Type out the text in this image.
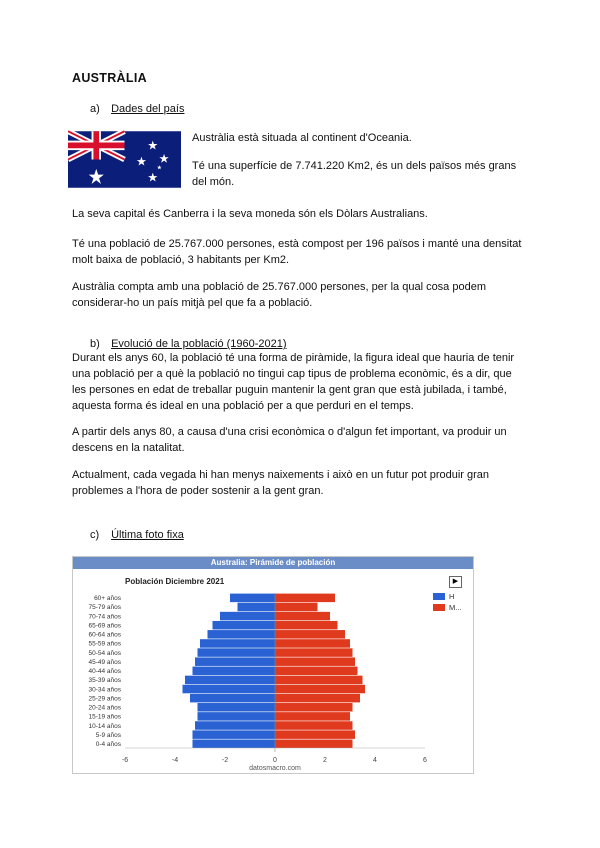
AUSTRÀLIA
a) Dades del país
Austràlia està situada al continent d'Oceania.
Té una superfície de 7.741.220 Km2, és un dels països més grans
del món.
La seva capital és Canberra i la seva moneda són els Dòlars Australians.
Té una població de 25.767.000 persones, està compost per 196 països i manté una densitat
molt baixa de població, 3 habitants per Km2.
Austràlia compta amb una població de 25.767.000 persones, per la qual cosa podem
considerar-ho un país mitjà pel que fa a població.
b) Evolució de la població (1960-2021)
Durant els anys 60, la població té una forma de piràmide, la figura ideal que hauria de tenir
una població per a què la població no tingui cap tipus de problema econòmic, és a dir, que
les persones en edat de treballar puguin mantenir la gent gran que està jubilada, i també,
aquesta forma és ideal en una població per a que perduri en el temps.
A partir dels anys 80, a causa d'una crisi econòmica o d'algun fet important, va produir un
descens en la natalitat.
Actualment, cada vegada hi han menys naixements i això en un futur pot produir gran
problemes a l'hora de poder sostenir a la gent gran.
c) Última foto fixa
Australia: Pirámide de población
Población Diciembre 2021	▶
60+ años
75-79 años
70-74 años
65-69 años
60-64 años
55-59 años
50-54 años
45-49 años
40-44 años
35-39 años
30-34 años
25-29 años
20-24 años
15-19 años
10-14 años
5-9 años
0-4 años
-6	-4	-2	0	2	4	6
datosmacro.com
H
M...
